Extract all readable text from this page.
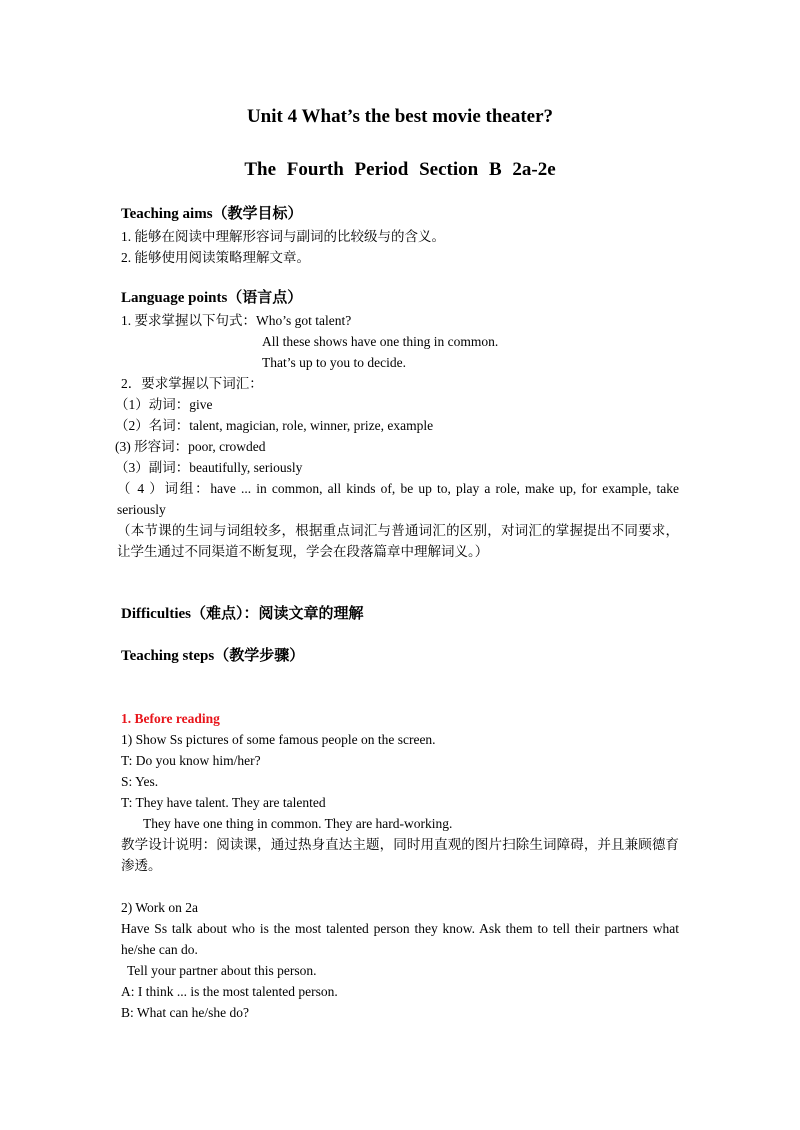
Unit 4 What’s the best movie theater?
The Fourth Period Section B 2a-2e
Teaching aims（教学目标）
1. 能够在阅读中理解形容词与副词的比较级与的含义。
2. 能够使用阅读策略理解文章。
Language points（语言点）
1. 要求掌握以下句式：Who’s got talent?
All these shows have one thing in common.
That’s up to you to decide.
2．要求掌握以下词汇：
（1）动词：give
（2）名词：talent, magician, role, winner, prize, example
(3) 形容词：poor, crowded
（3）副词：beautifully, seriously
（ 4 ）词组：have ... in common, all kinds of, be up to, play a role, make up, for example, take seriously
（本节课的生词与词组较多，根据重点词汇与普通词汇的区别，对词汇的掌握提出不同要求，让学生通过不同渠道不断复现，学会在段落篇章中理解词义。）
Difficulties（难点）：阅读文章的理解
Teaching steps（教学步骤）
1. Before reading
1) Show Ss pictures of some famous people on the screen.
T: Do you know him/her?
S: Yes.
T: They have talent. They are talented
They have one thing in common. They are hard-working.
教学设计说明：阅读课，通过热身直达主题，同时用直观的图片扫除生词障碍，并且兼顾德育渗透。
2) Work on 2a
Have Ss talk about who is the most talented person they know. Ask them to tell their partners what he/she can do.
Tell your partner about this person.
A: I think ... is the most talented person.
B: What can he/she do?
